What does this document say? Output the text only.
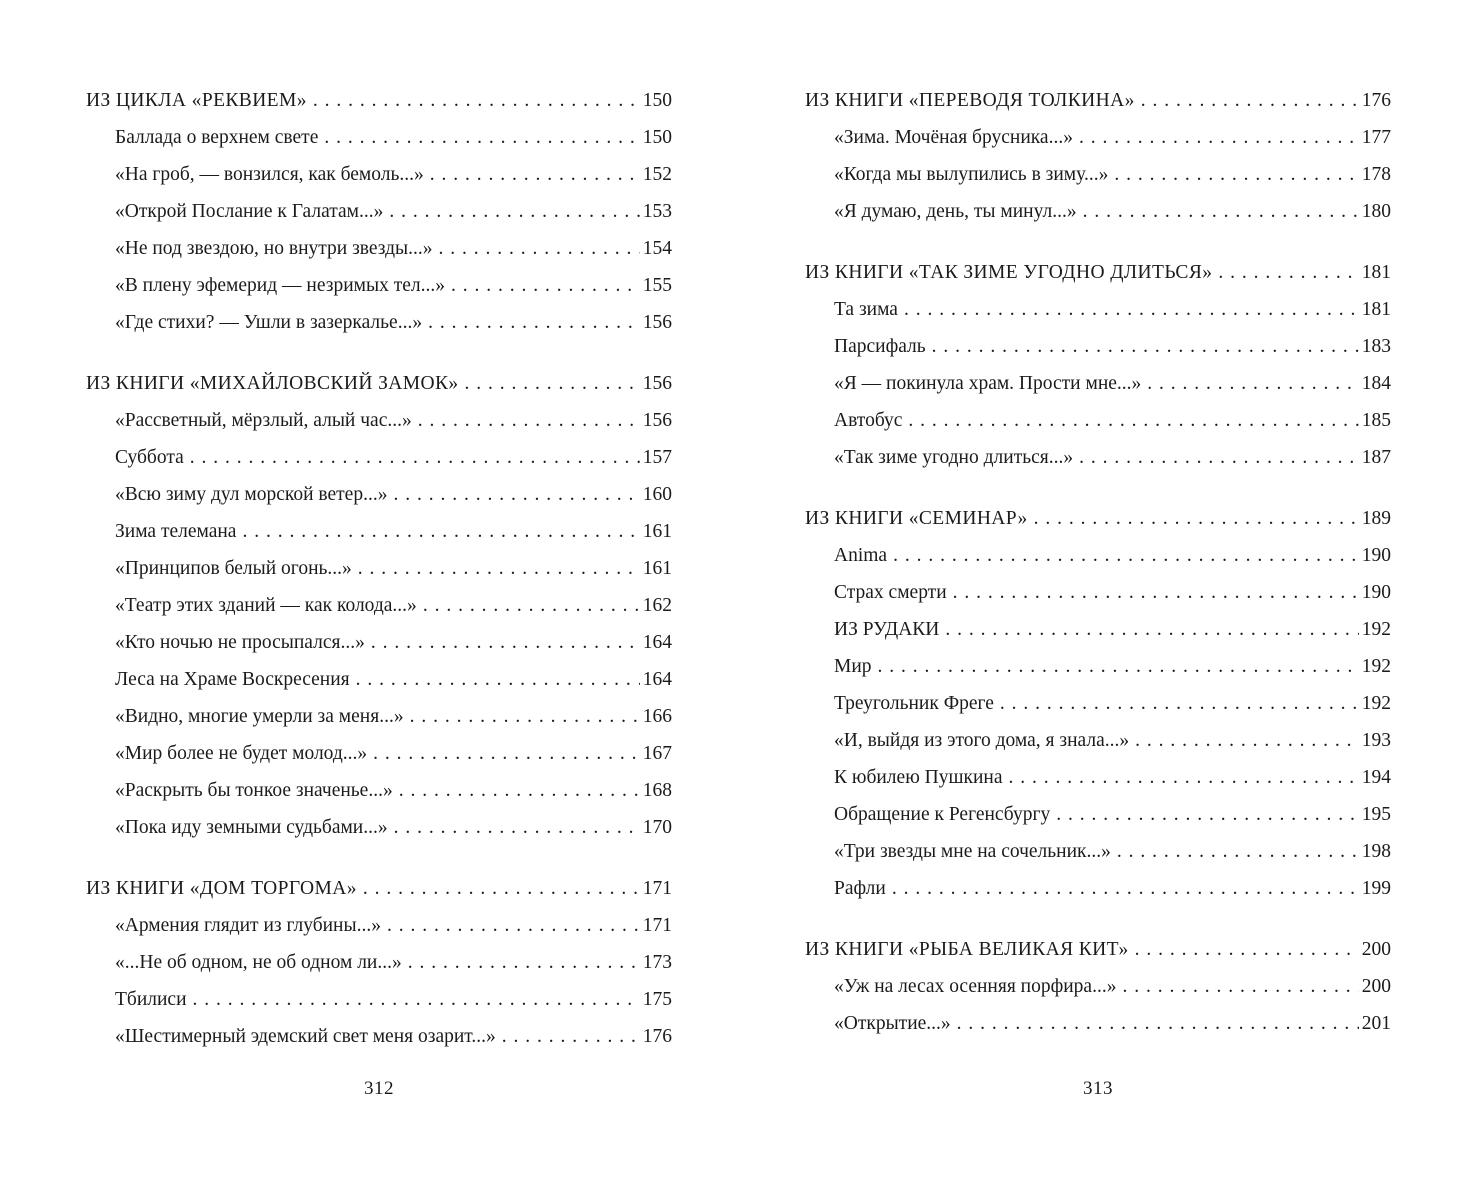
ИЗ ЦИКЛА «РЕКВИЕМ» . . .	150
Баллада о верхнем свете . . .	150
«На гроб, — вонзился, как бемоль...» . . .	152
«Открой Послание к Галатам...» . . .	153
«Не под звездою, но внутри звезды...» . . .	154
«В плену эфемерид — незримых тел...» . . .	155
«Где стихи? — Ушли в зазеркалье...» . . .	156
ИЗ КНИГИ «МИХАЙЛОВСКИЙ ЗАМОК» . . .	156
«Рассветный, мёрзлый, алый час...» . . .	156
Суббота . . .	157
«Всю зиму дул морской ветер...» . . .	160
Зима телемана . . .	161
«Принципов белый огонь...» . . .	161
«Театр этих зданий — как колода...» . . .	162
«Кто ночью не просыпался...» . . .	164
Леса на Храме Воскресения . . .	164
«Видно, многие умерли за меня...» . . .	166
«Мир более не будет молод...» . . .	167
«Раскрыть бы тонкое значенье...» . . .	168
«Пока иду земными судьбами...» . . .	170
ИЗ КНИГИ «ДОМ ТОРГОМА» . . .	171
«Армения глядит из глубины...» . . .	171
«...Не об одном, не об одном ли...» . . .	173
Тбилиси . . .	175
«Шестимерный эдемский свет меня озарит...» . . .	176
312
ИЗ КНИГИ «ПЕРЕВОДЯ ТОЛКИНА» . . .	176
«Зима. Мочёная брусника...» . . .	177
«Когда мы вылупились в зиму...» . . .	178
«Я думаю, день, ты минул...» . . .	180
ИЗ КНИГИ «ТАК ЗИМЕ УГОДНО ДЛИТЬСЯ» . . .	181
Та зима . . .	181
Парсифаль . . .	183
«Я — покинула храм. Прости мне...» . . .	184
Автобус . . .	185
«Так зиме угодно длиться...» . . .	187
ИЗ КНИГИ «СЕМИНАР» . . .	189
Anima . . .	190
Страх смерти . . .	190
ИЗ РУДАКИ . . .	192
Мир . . .	192
Треугольник Фреге . . .	192
«И, выйдя из этого дома, я знала...» . . .	193
К юбилею Пушкина . . .	194
Обращение к Регенсбургу . . .	195
«Три звезды мне на сочельник...» . . .	198
Рафли . . .	199
ИЗ КНИГИ «РЫБА ВЕЛИКАЯ КИТ» . . .	200
«Уж на лесах осенняя порфира...» . . .	200
«Открытие...» . . .	201
313
